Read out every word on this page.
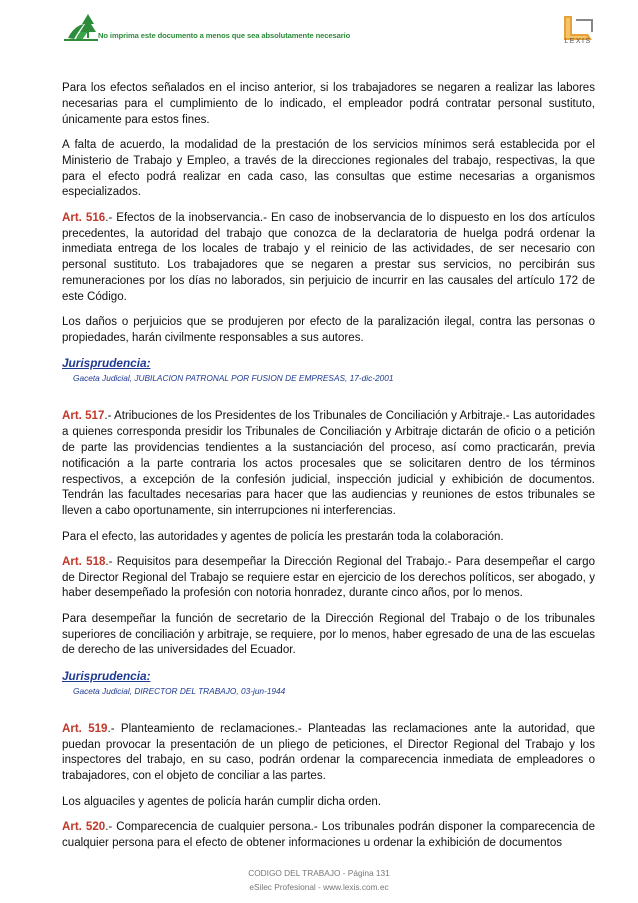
No imprima este documento a menos que sea absolutamente necesario
LEXIS

Para los efectos señalados en el inciso anterior, si los trabajadores se negaren a realizar las labores necesarias para el cumplimiento de lo indicado, el empleador podrá contratar personal sustituto, únicamente para estos fines.

A falta de acuerdo, la modalidad de la prestación de los servicios mínimos será establecida por el Ministerio de Trabajo y Empleo, a través de la direcciones regionales del trabajo, respectivas, la que para el efecto podrá realizar en cada caso, las consultas que estime necesarias a organismos especializados.

Art. 516.- Efectos de la inobservancia.- En caso de inobservancia de lo dispuesto en los dos artículos precedentes, la autoridad del trabajo que conozca de la declaratoria de huelga podrá ordenar la inmediata entrega de los locales de trabajo y el reinicio de las actividades, de ser necesario con personal sustituto. Los trabajadores que se negaren a prestar sus servicios, no percibirán sus remuneraciones por los días no laborados, sin perjuicio de incurrir en las causales del artículo 172 de este Código.

Los daños o perjuicios que se produjeren por efecto de la paralización ilegal, contra las personas o propiedades, harán civilmente responsables a sus autores.

Jurisprudencia:
Gaceta Judicial, JUBILACION PATRONAL POR FUSION DE EMPRESAS, 17-dic-2001

Art. 517.- Atribuciones de los Presidentes de los Tribunales de Conciliación y Arbitraje.- Las autoridades a quienes corresponda presidir los Tribunales de Conciliación y Arbitraje dictarán de oficio o a petición de parte las providencias tendientes a la sustanciación del proceso, así como practicarán, previa notificación a la parte contraria los actos procesales que se solicitaren dentro de los términos respectivos, a excepción de la confesión judicial, inspección judicial y exhibición de documentos. Tendrán las facultades necesarias para hacer que las audiencias y reuniones de estos tribunales se lleven a cabo oportunamente, sin interrupciones ni interferencias.

Para el efecto, las autoridades y agentes de policía les prestarán toda la colaboración.

Art. 518.- Requisitos para desempeñar la Dirección Regional del Trabajo.- Para desempeñar el cargo de Director Regional del Trabajo se requiere estar en ejercicio de los derechos políticos, ser abogado, y haber desempeñado la profesión con notoria honradez, durante cinco años, por lo menos.

Para desempeñar la función de secretario de la Dirección Regional del Trabajo o de los tribunales superiores de conciliación y arbitraje, se requiere, por lo menos, haber egresado de una de las escuelas de derecho de las universidades del Ecuador.

Jurisprudencia:
Gaceta Judicial, DIRECTOR DEL TRABAJO, 03-jun-1944

Art. 519.- Planteamiento de reclamaciones.- Planteadas las reclamaciones ante la autoridad, que puedan provocar la presentación de un pliego de peticiones, el Director Regional del Trabajo y los inspectores del trabajo, en su caso, podrán ordenar la comparecencia inmediata de empleadores o trabajadores, con el objeto de conciliar a las partes.

Los alguaciles y agentes de policía harán cumplir dicha orden.

Art. 520.- Comparecencia de cualquier persona.- Los tribunales podrán disponer la comparecencia de cualquier persona para el efecto de obtener informaciones u ordenar la exhibición de documentos

CODIGO DEL TRABAJO - Página 131
eSilec Profesional - www.lexis.com.ec
